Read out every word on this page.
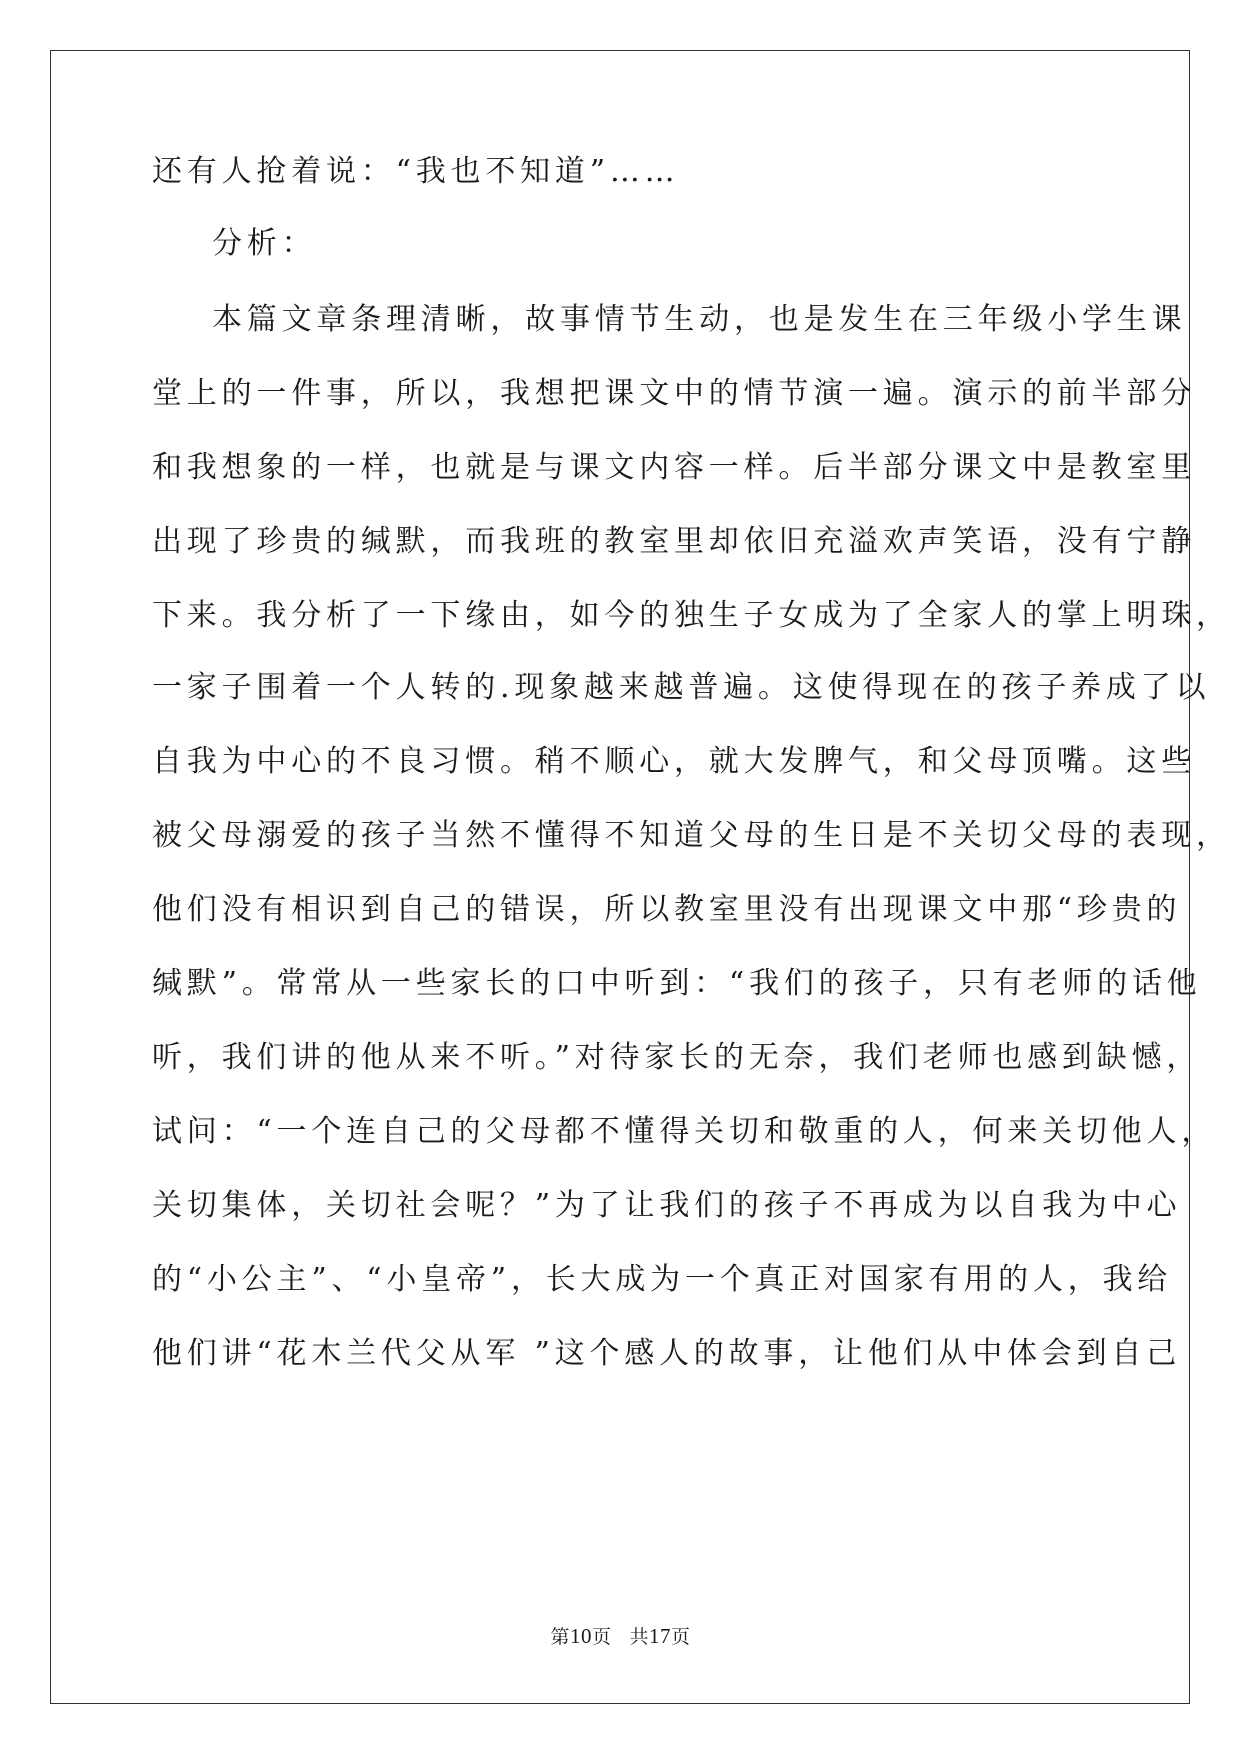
还有人抢着说：“我也不知道”……
分析：
本篇文章条理清晰，故事情节生动，也是发生在三年级小学生课
堂上的一件事，所以，我想把课文中的情节演一遍。演示的前半部分
和我想象的一样，也就是与课文内容一样。后半部分课文中是教室里
出现了珍贵的缄默，而我班的教室里却依旧充溢欢声笑语，没有宁静
下来。我分析了一下缘由，如今的独生子女成为了全家人的掌上明珠，
一家子围着一个人转的.现象越来越普遍。这使得现在的孩子养成了以
自我为中心的不良习惯。稍不顺心，就大发脾气，和父母顶嘴。这些
被父母溺爱的孩子当然不懂得不知道父母的生日是不关切父母的表现，
他们没有相识到自己的错误，所以教室里没有出现课文中那“珍贵的
缄默”。常常从一些家长的口中听到：“我们的孩子，只有老师的话他
听，我们讲的他从来不听。”对待家长的无奈，我们老师也感到缺憾，
试问：“一个连自己的父母都不懂得关切和敬重的人，何来关切他人，
关切集体，关切社会呢？”为了让我们的孩子不再成为以自我为中心
的“小公主”、“小皇帝”，长大成为一个真正对国家有用的人，我给
他们讲“花木兰代父从军 ”这个感人的故事，让他们从中体会到自己
第10页 共17页
